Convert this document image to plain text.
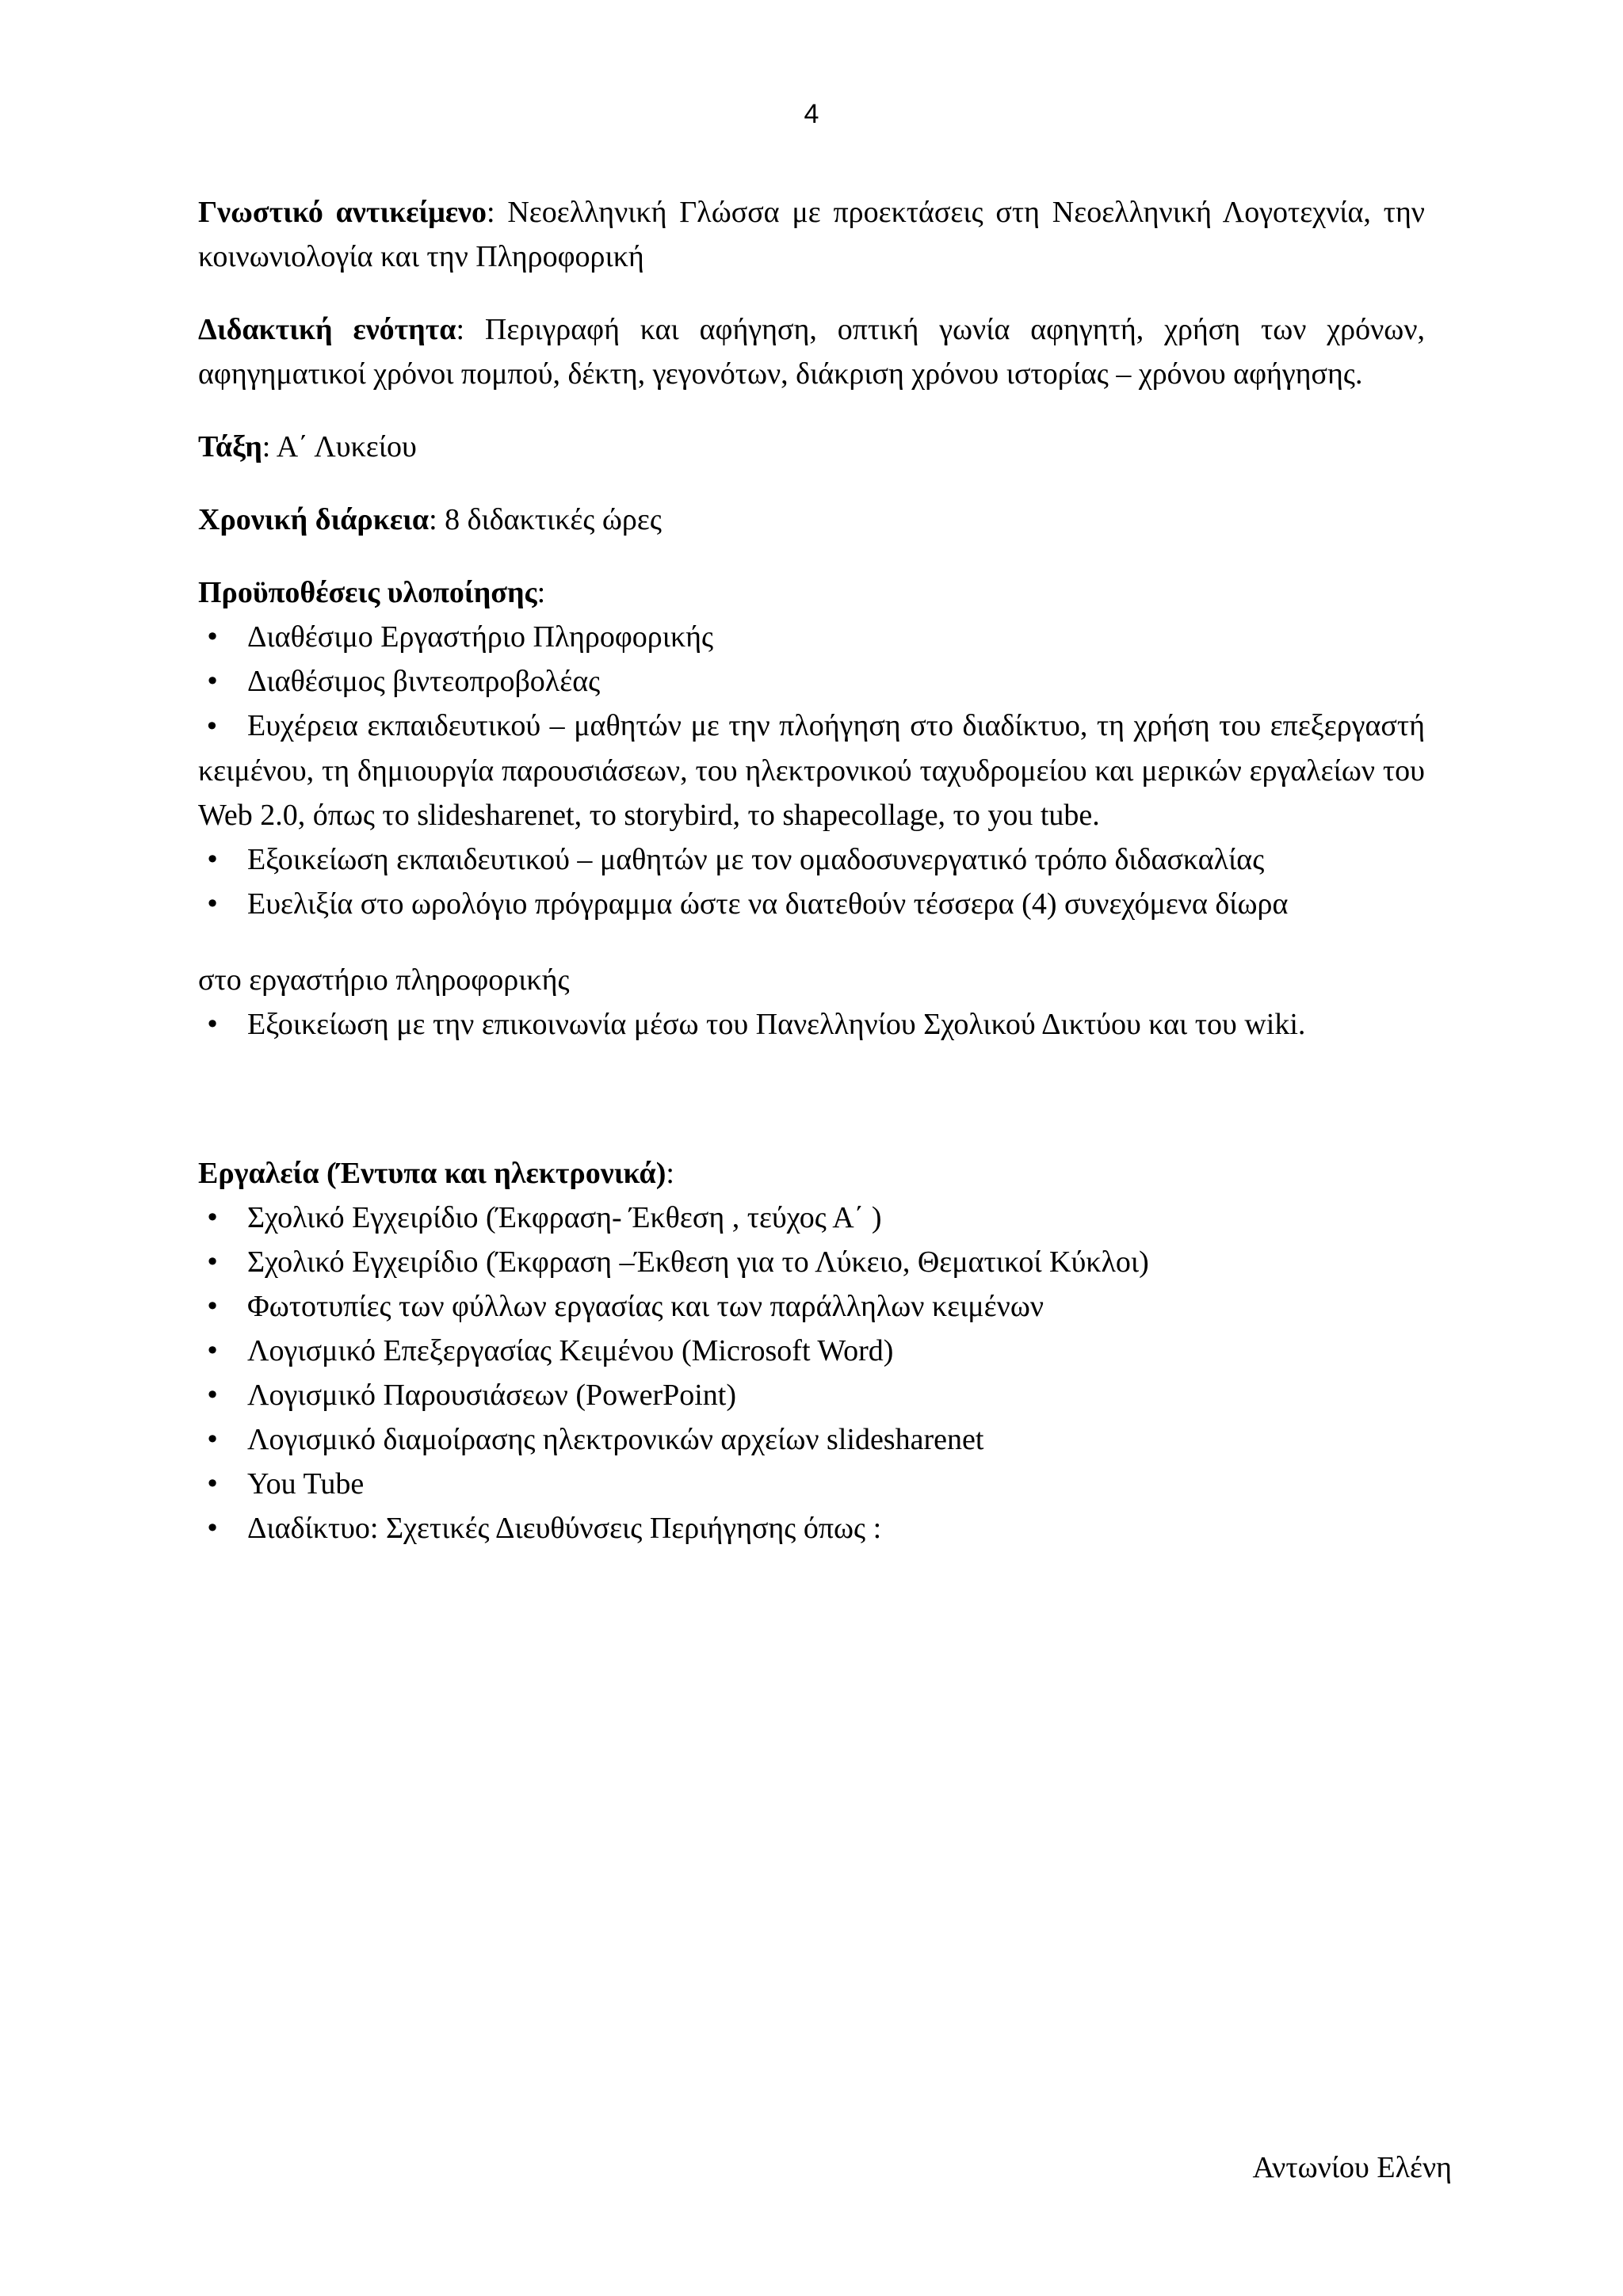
4

Γνωστικό αντικείμενο: Νεοελληνική Γλώσσα με προεκτάσεις στη Νεοελληνική Λογοτεχνία, την κοινωνιολογία και την Πληροφορική

Διδακτική ενότητα: Περιγραφή και αφήγηση, οπτική γωνία αφηγητή, χρήση των χρόνων, αφηγηματικοί χρόνοι πομπού, δέκτη, γεγονότων, διάκριση χρόνου ιστορίας – χρόνου αφήγησης.

Τάξη: Α΄ Λυκείου

Χρονική διάρκεια: 8 διδακτικές ώρες

Προϋποθέσεις υλοποίησης:

• Διαθέσιμο Εργαστήριο Πληροφορικής

• Διαθέσιμος βιντεοπροβολέας

• Ευχέρεια εκπαιδευτικού – μαθητών με την πλοήγηση στο διαδίκτυο, τη χρήση του επεξεργαστή κειμένου, τη δημιουργία παρουσιάσεων, του ηλεκτρονικού ταχυδρομείου και μερικών εργαλείων του Web 2.0, όπως το slidesharenet, το storybird, το shapecollage, το you tube.

• Εξοικείωση εκπαιδευτικού – μαθητών με τον ομαδοσυνεργατικό τρόπο διδασκαλίας

• Ευελιξία στο ωρολόγιο πρόγραμμα ώστε να διατεθούν τέσσερα (4) συνεχόμενα δίωρα

στο εργαστήριο πληροφορικής

• Εξοικείωση με την επικοινωνία μέσω του Πανελληνίου Σχολικού Δικτύου και του wiki.

Εργαλεία (Έντυπα και ηλεκτρονικά):

• Σχολικό Εγχειρίδιο (Έκφραση- Έκθεση , τεύχος Α΄ )

• Σχολικό Εγχειρίδιο (Έκφραση –Έκθεση για το Λύκειο, Θεματικοί Κύκλοι)

• Φωτοτυπίες των φύλλων εργασίας και των παράλληλων κειμένων

• Λογισμικό Επεξεργασίας Κειμένου (Microsoft Word)

• Λογισμικό Παρουσιάσεων (PowerPoint)

• Λογισμικό διαμοίρασης ηλεκτρονικών αρχείων slidesharenet

• You Tube

• Διαδίκτυο: Σχετικές Διευθύνσεις Περιήγησης όπως :

Αντωνίου Ελένη
